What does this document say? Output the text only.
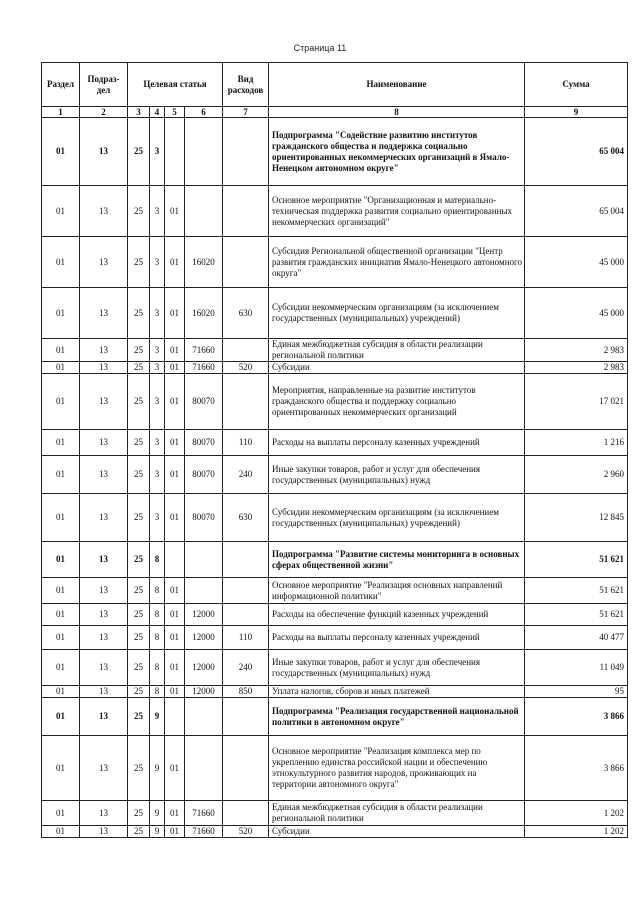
Страница 11
Раздел	Подраз-дел	Целевая статья				Вид расходов	Наименование	Сумма
1	2	3	4	5	6	7	8	9
01	13	25	3				Подпрограмма "Содействие развитию институтов гражданского общества и поддержка социально ориентированных некоммерческих организаций в Ямало-Ненецком автономном округе"	65 004
01	13	25	3	01			Основное мероприятие "Организационная и материально-техническая поддержка развития социально ориентированных некоммерческих организаций"	65 004
01	13	25	3	01	16020		Субсидия Региональной общественной организации "Центр развития гражданских инициатив Ямало-Ненецкого автономного округа"	45 000
01	13	25	3	01	16020	630	Субсидии некоммерческим организациям (за исключением государственных (муниципальных) учреждений)	45 000
01	13	25	3	01	71660		Единая межбюджетная субсидия в области реализации региональной политики	2 983
01	13	25	3	01	71660	520	Субсидии	2 983
01	13	25	3	01	80070		Мероприятия, направленные на развитие институтов гражданского общества и поддержку социально ориентированных некоммерческих организаций	17 021
01	13	25	3	01	80070	110	Расходы на выплаты персоналу казенных учреждений	1 216
01	13	25	3	01	80070	240	Иные закупки товаров, работ и услуг для обеспечения государственных (муниципальных) нужд	2 960
01	13	25	3	01	80070	630	Субсидии некоммерческим организациям (за исключением государственных (муниципальных) учреждений)	12 845
01	13	25	8				Подпрограмма "Развитие системы мониторинга в основных сферах общественной жизни"	51 621
01	13	25	8	01			Основное мероприятие "Реализация основных направлений информационной политики"	51 621
01	13	25	8	01	12000		Расходы на обеспечение функций казенных учреждений	51 621
01	13	25	8	01	12000	110	Расходы на выплаты персоналу казенных учреждений	40 477
01	13	25	8	01	12000	240	Иные закупки товаров, работ и услуг для обеспечения государственных (муниципальных) нужд	11 049
01	13	25	8	01	12000	850	Уплата налогов, сборов и иных платежей	95
01	13	25	9				Подпрограмма "Реализация государственной национальной политики в автономном округе"	3 866
01	13	25	9	01			Основное мероприятие "Реализация комплекса мер по укреплению единства российской нации и обеспечению этнокультурного развития народов, проживающих на территории автономного округа"	3 866
01	13	25	9	01	71660		Единая межбюджетная субсидия в области реализации региональной политики	1 202
01	13	25	9	01	71660	520	Субсидии	1 202
